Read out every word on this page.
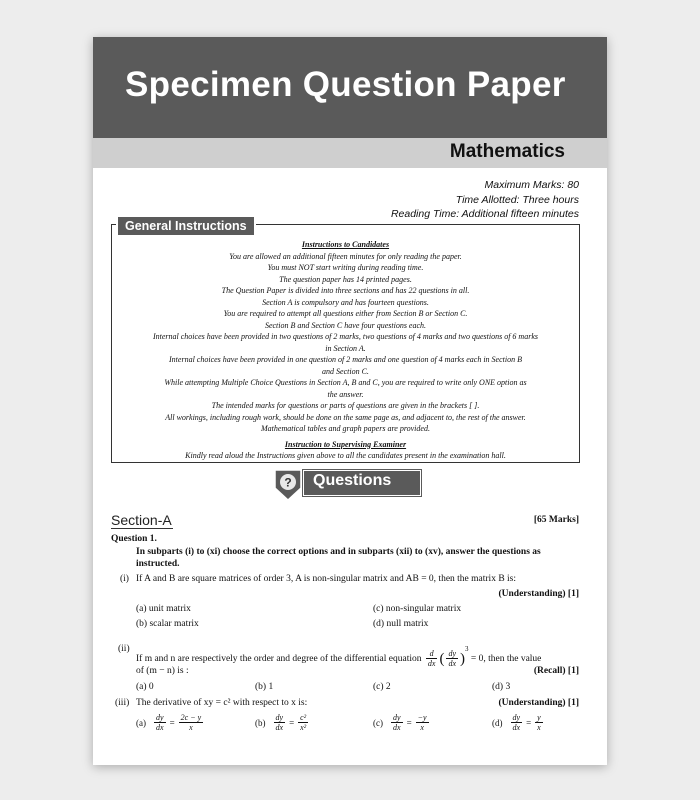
Specimen Question Paper
Mathematics
Maximum Marks: 80
Time Allotted: Three hours
Reading Time: Additional fifteen minutes
Instructions to Candidates
You are allowed an additional fifteen minutes for only reading the paper.
You must NOT start writing during reading time.
The question paper has 14 printed pages.
The Question Paper is divided into three sections and has 22 questions in all.
Section A is compulsory and has fourteen questions.
You are required to attempt all questions either from Section B or Section C.
Section B and Section C have four questions each.
Internal choices have been provided in two questions of 2 marks, two questions of 4 marks and two questions of 6 marks
in Section A.
Internal choices have been provided in one question of 2 marks and one question of 4 marks each in Section B
and Section C.
While attempting Multiple Choice Questions in Section A, B and C, you are required to write only ONE option as
the answer.
The intended marks for questions or parts of questions are given in the brackets [ ].
All workings, including rough work, should be done on the same page as, and adjacent to, the rest of the answer.
Mathematical tables and graph papers are provided.
Instruction to Supervising Examiner
Kindly read aloud the Instructions given above to all the candidates present in the examination hall.
General Instructions
Questions
?
Section-A	[65 Marks]
Question 1.
In subparts (i) to (xi) choose the correct options and in subparts (xii) to (xv), answer the questions as
instructed.
(i) If A and B are square matrices of order 3, A is non-singular matrix and AB = 0, then the matrix B is:
(Understanding) [1]
(a) unit matrix	(c) non-singular matrix
(b) scalar matrix	(d) null matrix
(ii)
If m and n are respectively the order and degree of the differential equation $\frac{d}{dx}$ ( $\frac{dy}{dx} )^3 = 0$, then the value
of (m − n) is :	(Recall) [1]
(a) 0	(b) 1	(c) 2	(d) 3
(iii) The derivative of xy = c² with respect to x is:	(Understanding) [1]
$(a) \frac{dy}{dx} = \frac{2c - y}{x}$	$(b) \frac{dy}{dx} = \frac{\text{c²}}{\text{x²}}$	$(c) \frac{dy}{dx} = \frac{-y}{x}$	$(d) \frac{dy}{dx} = \frac{y}{x}$
